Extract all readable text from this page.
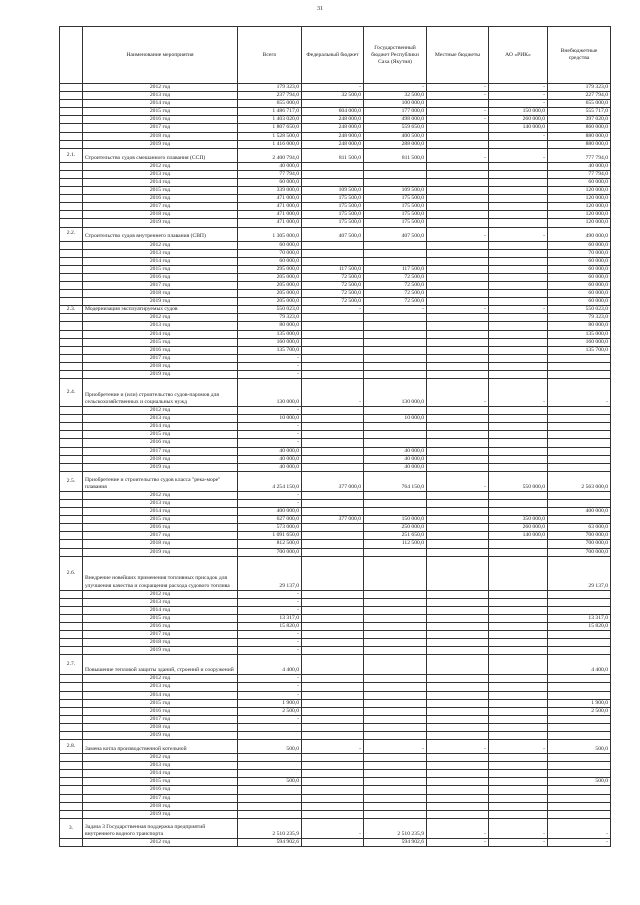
31
	Наименование мероприятия	Всего	Федеральный бюджет	Государственный бюджет Республики Саха (Якутия)	Местные бюджеты	АО «РИК»	Внебюджетные средства
	2012 год	179 323,0	-	-	-	-	179 323,0
	2013 год	237 794,0	32 500,0	32 500,0	-	-	227 794,0
	2014 год	655 000,0		100 000,0		-	655 000,0
	2015 год	1 486 717,0	604 000,0	177 000,0	-	150 000,0	555 717,0
	2016 год	1 403 020,0	248 000,0	498 000,0	-	260 000,0	397 020,0
	2017 год	1 807 650,0	248 000,0	559 650,0		140 000,0	860 000,0
	2018 год	1 528 500,0	248 000,0	400 500,0		-	880 000,0
	2019 год	1 416 000,0	248 000,0	288 000,0			880 000,0
2.1.	Строительство судов смешанного плавания (ССП)	2 400 794,0	811 500,0	811 500,0	-	-	777 794,0
	2012 год	40 000,0					40 000,0
	2013 год	77 794,0					77 794,0
	2014 год	60 000,0					60 000,0
	2015 год	339 000,0	109 500,0	109 500,0			120 000,0
	2016 год	471 000,0	175 500,0	175 500,0			120 000,0
	2017 год	471 000,0	175 500,0	175 500,0			120 000,0
	2018 год	471 000,0	175 500,0	175 500,0			120 000,0
	2019 год	471 000,0	175 500,0	175 500,0			120 000,0
2.2.	Строительство судов внутреннего плавания (СВП)	1 305 000,0	407 500,0	407 500,0	-	-	490 000,0
	2012 год	60 000,0					60 000,0
	2013 год	70 000,0					70 000,0
	2014 год	60 000,0					60 000,0
	2015 год	295 000,0	117 500,0	117 500,0			60 000,0
	2016 год	205 000,0	72 500,0	72 500,0			60 000,0
	2017 год	205 000,0	72 500,0	72 500,0			60 000,0
	2018 год	205 000,0	72 500,0	72 500,0			60 000,0
	2019 год	205 000,0	72 500,0	72 500,0			60 000,0
2.3.	Модернизация эксплуатируемых судов	550 023,0	-	-	-	-	550 023,0
	2012 год	79 323,0					79 323,0
	2013 год	80 000,0					80 000,0
	2014 год	135 000,0					135 000,0
	2015 год	160 000,0					160 000,0
	2016 год	135 700,0					135 700,0
	2017 год	-					
	2018 год	-					
	2019 год	-					
2.4.	Приобретение и (или) строительство судов-паромов для сельскохозяйственных и социальных нужд	130 000,0	-	130 000,0	-	-	-
	2012 год	-					
	2013 год	10 000,0		10 000,0			
	2014 год	-					
	2015 год	-					
	2016 год	-					
	2017 год	40 000,0		40 000,0			
	2018 год	40 000,0		40 000,0			
	2019 год	40 000,0		40 000,0			
2.5.	Приобретение и строительство судов класса "река-море" плавания	4 254 150,0	377 000,0	764 150,0	-	550 000,0	2 563 000,0
	2012 год	-					
	2013 год	-					
	2014 год	400 000,0					400 000,0
	2015 год	627 000,0	377 000,0	150 000,0		350 000,0	
	2016 год	573 000,0		250 000,0		260 000,0	63 000,0
	2017 год	1 091 650,0		251 650,0		140 000,0	700 000,0
	2018 год	812 500,0		112 500,0			700 000,0
	2019 год	700 000,0					700 000,0
2.6.	Внедрение новейших применения топливных присадок для улучшения качества и сокращения расхода судового топлива	29 137,0					29 137,0
	2012 год	-					
	2013 год	-					
	2014 год	-					
	2015 год	13 317,0					13 317,0
	2016 год	15 820,0					15 820,0
	2017 год	-					
	2018 год	-					
	2019 год	-					
2.7.	Повышение тепловой защиты зданий, строений и сооружений	4 400,0					4 400,0
	2012 год	-					
	2013 год	-					
	2014 год	-					
	2015 год	1 900,0					1 900,0
	2016 год	2 500,0					2 500,0
	2017 год	-					
	2018 год						
	2019 год						
2.8.	Замена котла производственной котельной	500,0	-	-	-	-	500,0
	2012 год						
	2013 год						
	2014 год						
	2015 год	500,0					500,0
	2016 год						
	2017 год						
	2018 год						
	2019 год						
3.	Задача 3 Государственная поддержка предприятий внутреннего водного транспорта	2 510 235,9	-	2 510 235,9	-	-	-
	2012 год	594 902,6		594 902,6	-	-	-
